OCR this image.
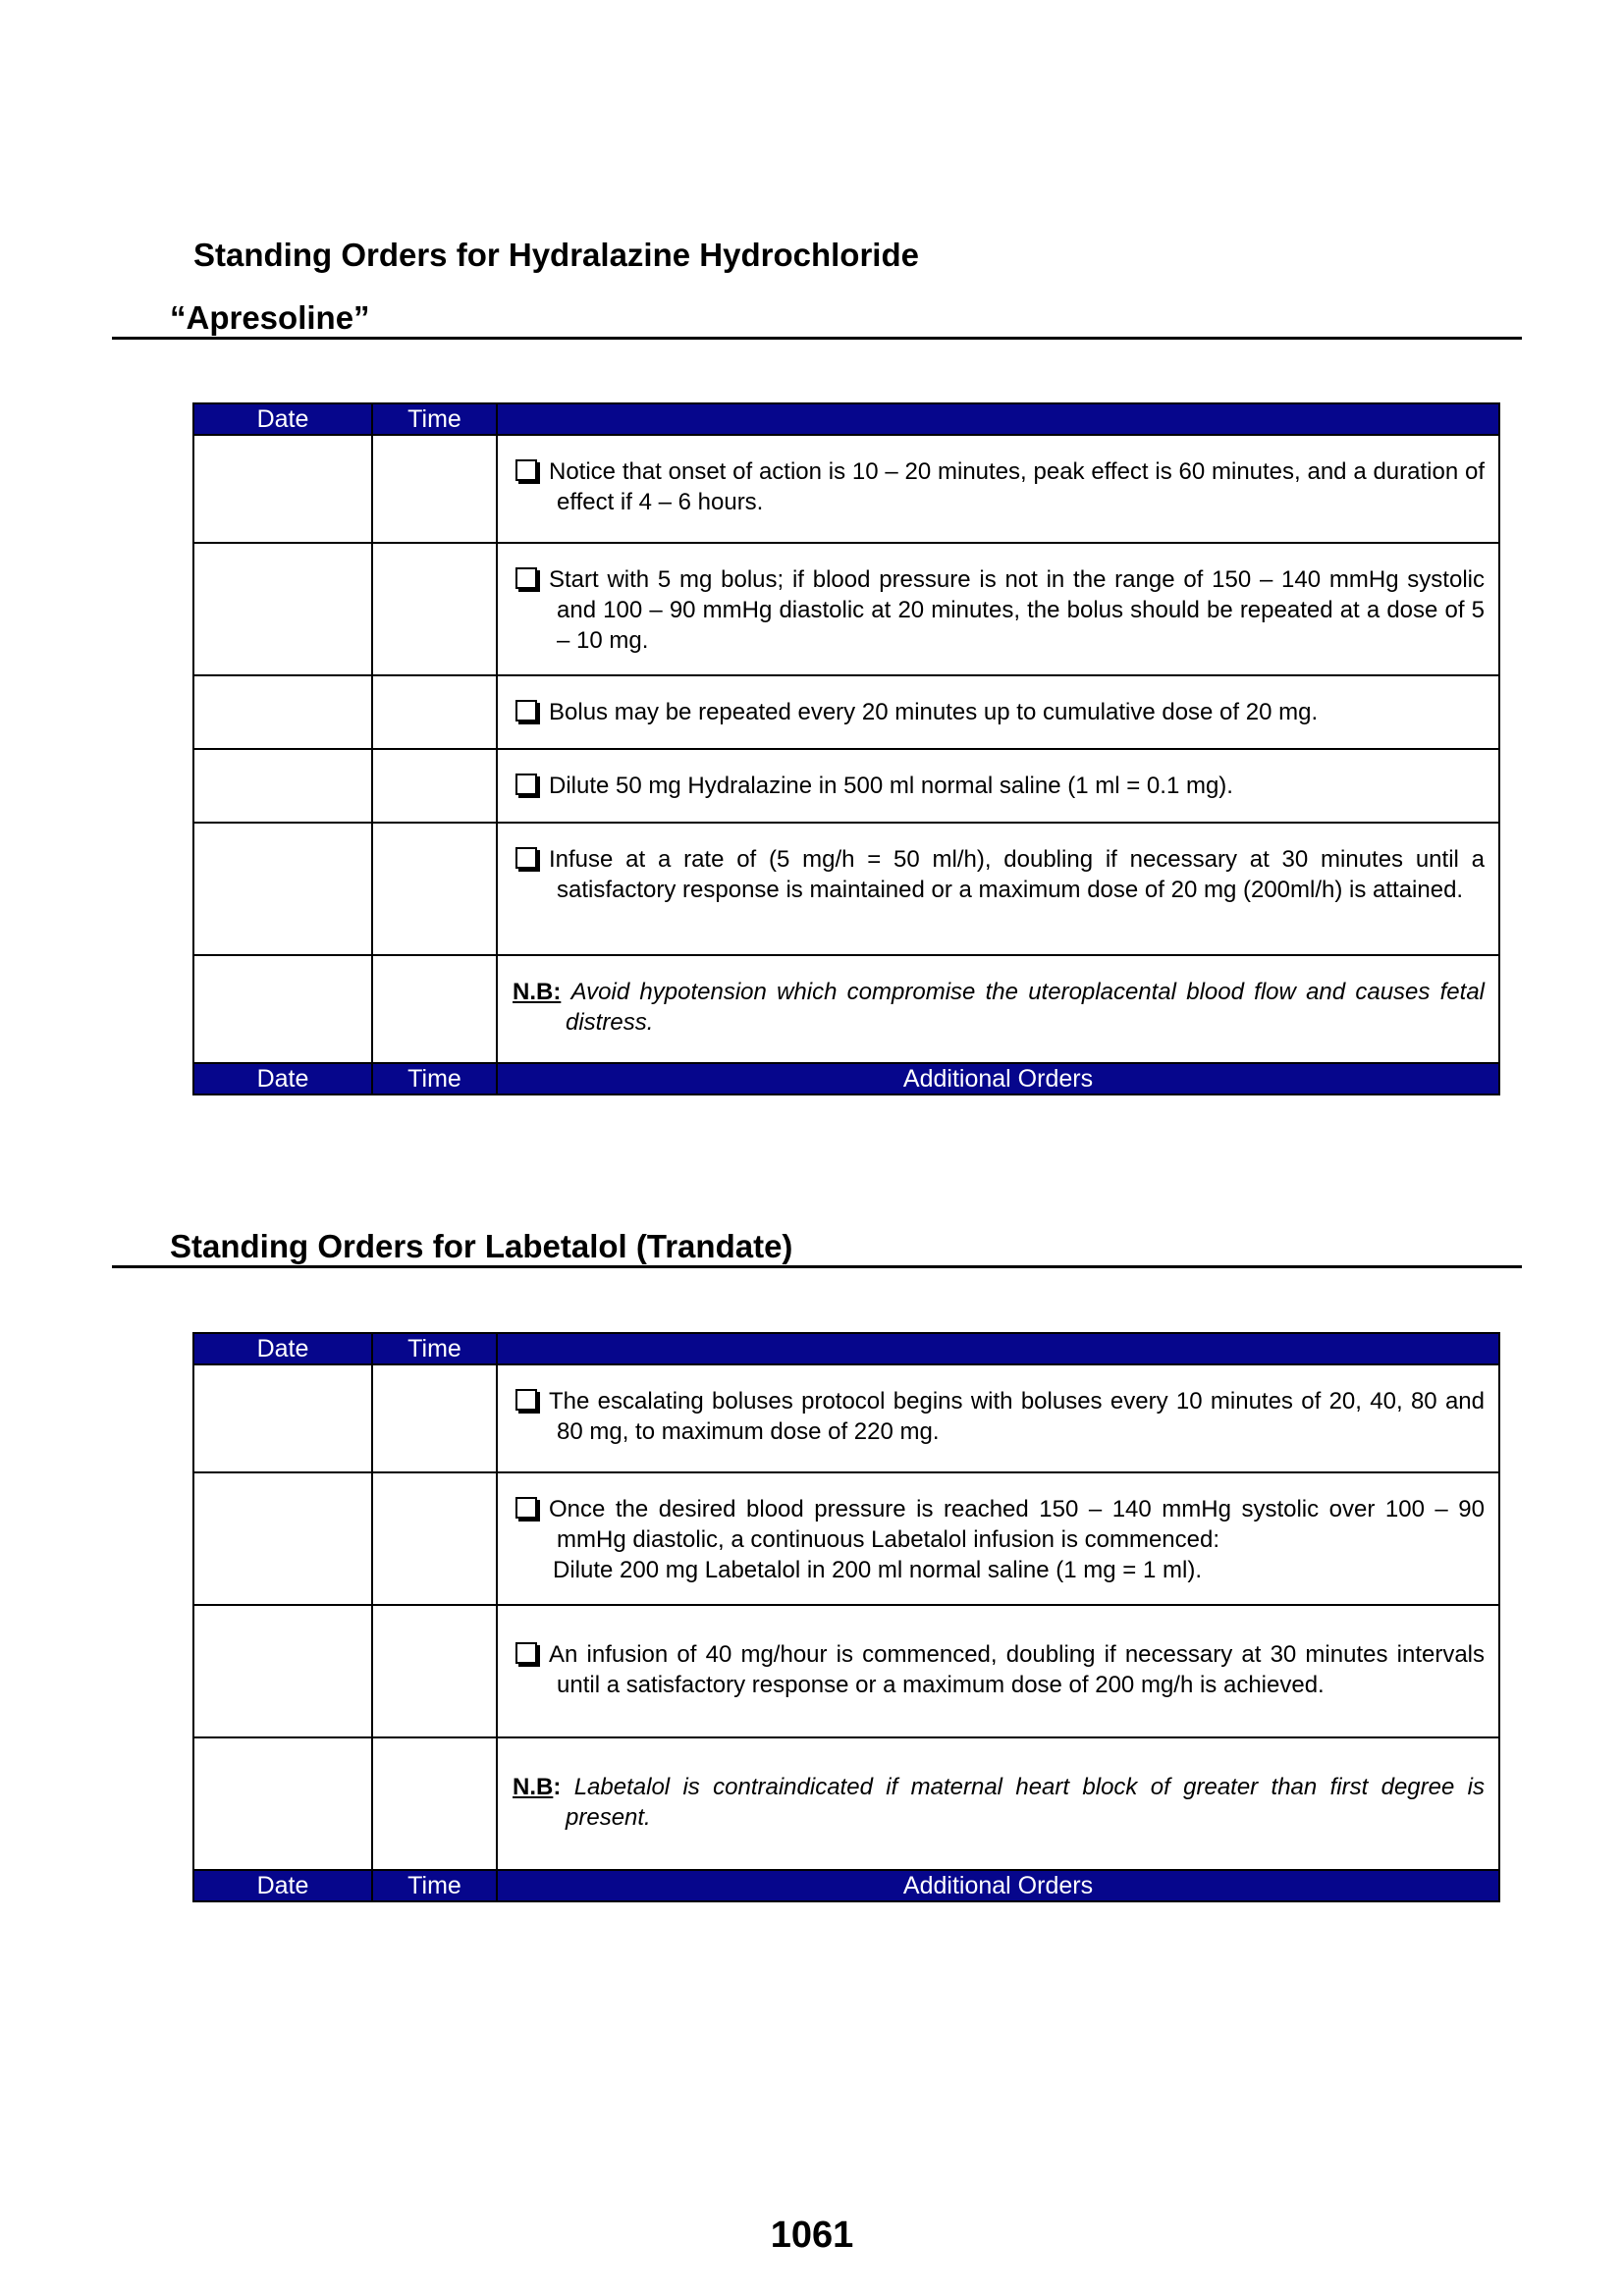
Standing Orders for Hydralazine Hydrochloride
“Apresoline”
Date	Time	

		Notice that onset of action is 10 – 20 minutes, peak effect is 60 minutes, and a duration of effect if 4 – 6 hours.

		Start with 5 mg bolus; if blood pressure is not in the range of 150 – 140 mmHg systolic and 100 – 90 mmHg diastolic at 20 minutes, the bolus should be repeated at a dose of 5 – 10 mg.

		Bolus may be repeated every 20 minutes up to cumulative dose of 20 mg.

		Dilute 50 mg Hydralazine in 500 ml normal saline (1 ml = 0.1 mg).

		Infuse at a rate of (5 mg/h = 50 ml/h), doubling if necessary at 30 minutes until a satisfactory response is maintained or a maximum dose of 20 mg (200ml/h) is attained.

		N.B: Avoid hypotension which compromise the uteroplacental blood flow and causes fetal distress.

Date	Time	Additional Orders
Standing Orders for Labetalol (Trandate)
Date	Time	

		The escalating boluses protocol begins with boluses every 10 minutes of 20, 40, 80 and 80 mg, to maximum dose of 220 mg.

		Once the desired blood pressure is reached 150 – 140 mmHg systolic over 100 – 90 mmHg diastolic, a continuous Labetalol infusion is commenced:
Dilute 200 mg Labetalol in 200 ml normal saline (1 mg = 1 ml).

		An infusion of 40 mg/hour is commenced, doubling if necessary at 30 minutes intervals until a satisfactory response or a maximum dose of 200 mg/h is achieved.

		N.B: Labetalol is contraindicated if maternal heart block of greater than first degree is present.

Date	Time	Additional Orders
1061
